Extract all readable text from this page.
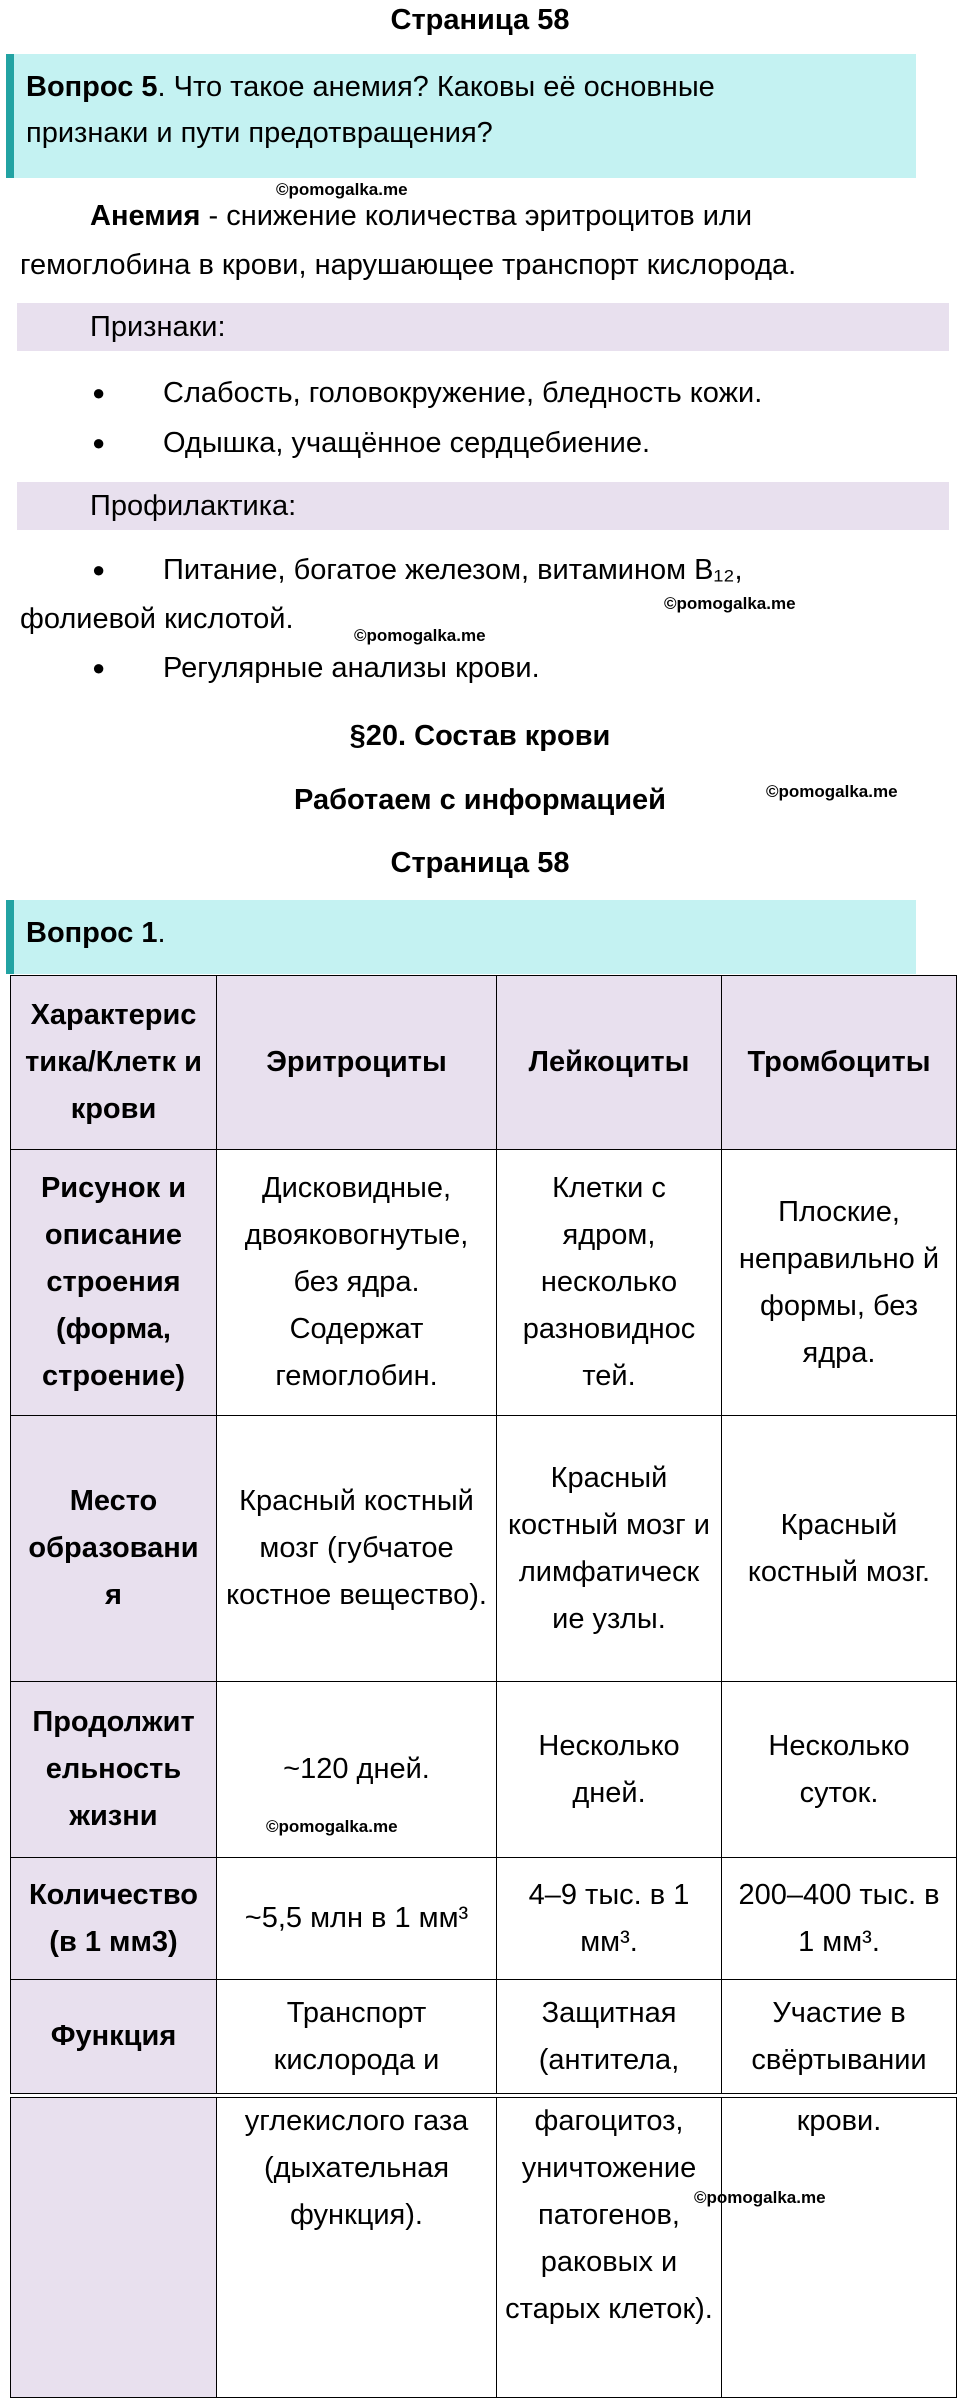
Страница 58
Вопрос 5. Что такое анемия? Каковы её основные
признаки и пути предотвращения?
©pomogalka.me
Анемия - снижение количества эритроцитов или
гемоглобина в крови, нарушающее транспорт кислорода.
Признаки:
● Слабость, головокружение, бледность кожи.
● Одышка, учащённое сердцебиение.
Профилактика:
● Питание, богатое железом, витамином B₁₂,
©pomogalka.me
фолиевой кислотой.
©pomogalka.me
● Регулярные анализы крови.
§20. Состав крови
©pomogalka.me
Работаем с информацией
Страница 58
Вопрос 1.
Характерис тика/Клетк и крови	Эритроциты	Лейкоциты	Тромбоциты
Рисунок и описание строения (форма, строение)	Дисковидные, двояковогнутые, без ядра. Содержат гемоглобин.	Клетки с ядром, несколько разновиднос тей.	Плоские, неправильно й формы, без ядра.
Место образовани я	Красный костный мозг (губчатое костное вещество).	Красный костный мозг и лимфатическ ие узлы.	Красный костный мозг.
Продолжит ельность жизни	~120 дней.	Несколько дней.	Несколько суток.
Количество (в 1 мм3)	~5,5 млн в 1 мм³	4–9 тыс. в 1 мм³.	200–400 тыс. в 1 мм³.
Функция	Транспорт кислорода и	Защитная (антитела,	Участие в свёртывании
©pomogalka.me
	углекислого газа (дыхательная функция).	фагоцитоз, уничтожение патогенов, раковых и старых клеток).	крови.
©pomogalka.me
